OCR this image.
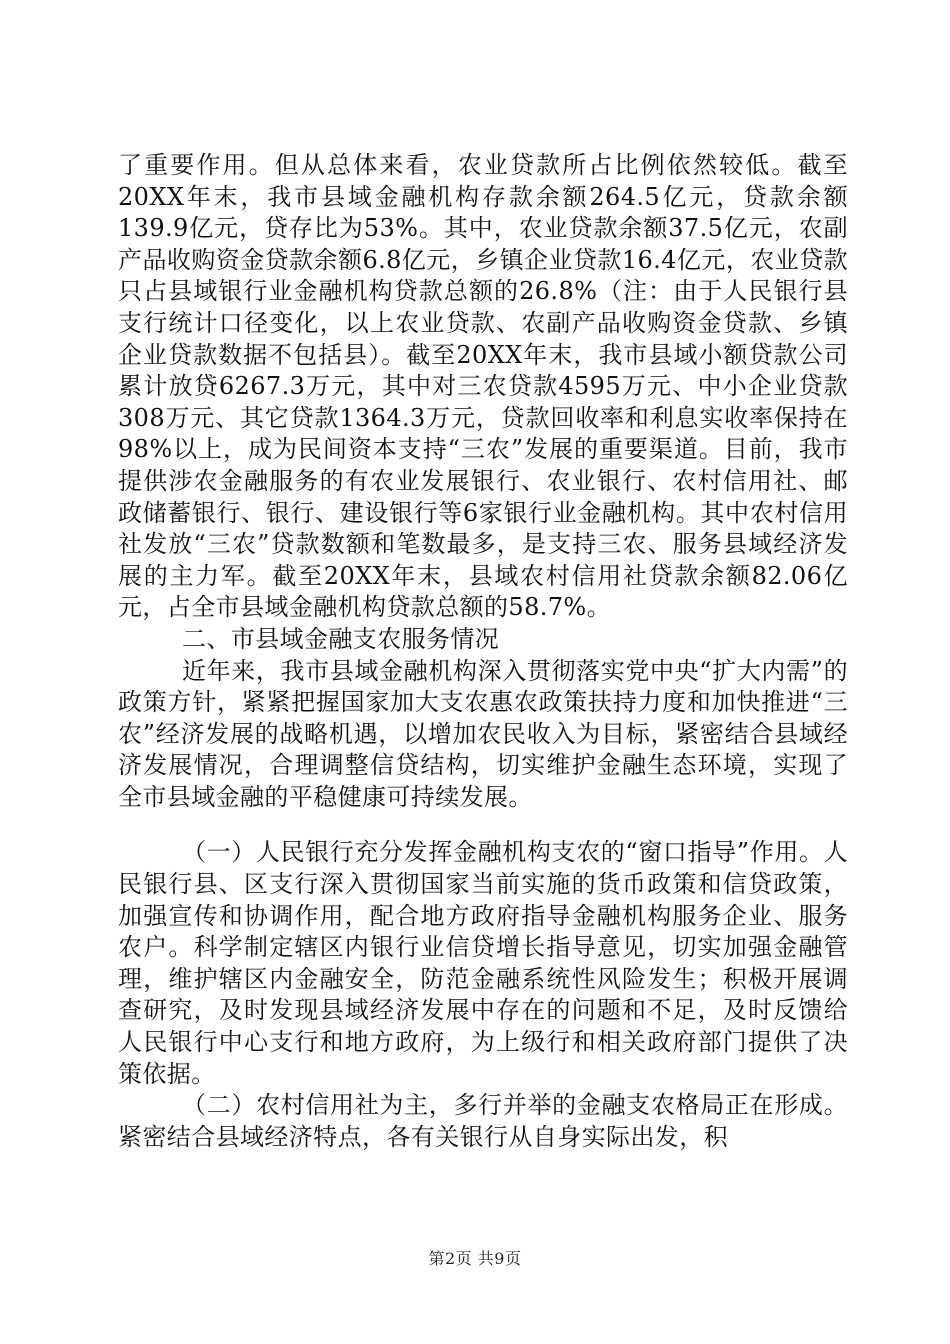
了重要作用。但从总体来看，农业贷款所占比例依然较低。截至20XX年末，我市县域金融机构存款余额264.5亿元，贷款余额139.9亿元，贷存比为53%。其中，农业贷款余额37.5亿元，农副产品收购资金贷款余额6.8亿元，乡镇企业贷款16.4亿元，农业贷款只占县域银行业金融机构贷款总额的26.8%（注：由于人民银行县支行统计口径变化，以上农业贷款、农副产品收购资金贷款、乡镇企业贷款数据不包括县）。截至20XX年末，我市县域小额贷款公司累计放贷6267.3万元，其中对三农贷款4595万元、中小企业贷款308万元、其它贷款1364.3万元，贷款回收率和利息实收率保持在98%以上，成为民间资本支持“三农”发展的重要渠道。目前，我市提供涉农金融服务的有农业发展银行、农业银行、农村信用社、邮政储蓄银行、银行、建设银行等6家银行业金融机构。其中农村信用社发放“三农”贷款数额和笔数最多，是支持三农、服务县域经济发展的主力军。截至20XX年末，县域农村信用社贷款余额82.06亿元，占全市县域金融机构贷款总额的58.7%。

二、市县域金融支农服务情况

近年来，我市县域金融机构深入贯彻落实党中央“扩大内需”的政策方针，紧紧把握国家加大支农惠农政策扶持力度和加快推进“三农”经济发展的战略机遇，以增加农民收入为目标，紧密结合县域经济发展情况，合理调整信贷结构，切实维护金融生态环境，实现了全市县域金融的平稳健康可持续发展。

（一）人民银行充分发挥金融机构支农的“窗口指导”作用。人民银行县、区支行深入贯彻国家当前实施的货币政策和信贷政策，加强宣传和协调作用，配合地方政府指导金融机构服务企业、服务农户。科学制定辖区内银行业信贷增长指导意见，切实加强金融管理，维护辖区内金融安全，防范金融系统性风险发生；积极开展调查研究，及时发现县域经济发展中存在的问题和不足，及时反馈给人民银行中心支行和地方政府，为上级行和相关政府部门提供了决策依据。

（二）农村信用社为主，多行并举的金融支农格局正在形成。紧密结合县域经济特点，各有关银行从自身实际出发，积

第2页 共9页
